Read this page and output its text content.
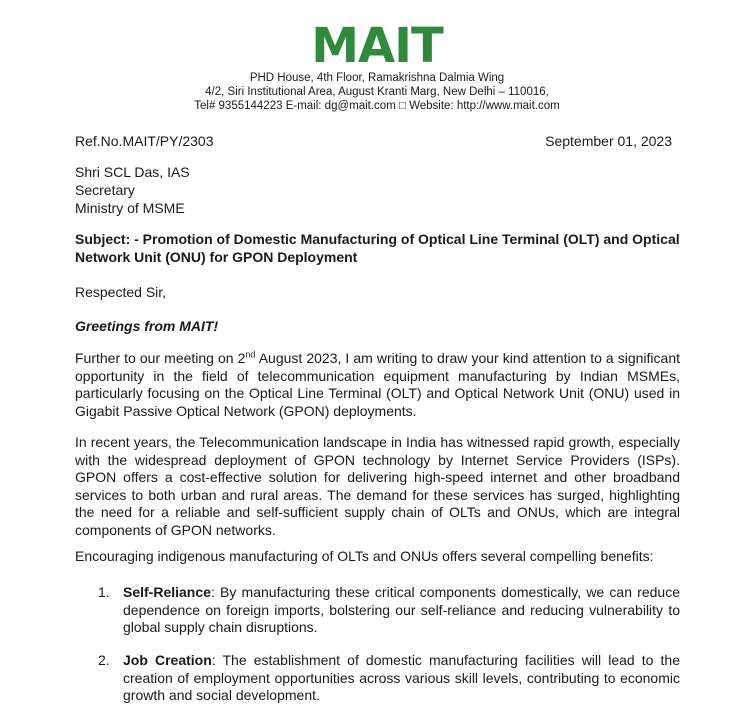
MAIT
PHD House, 4th Floor, Ramakrishna Dalmia Wing
4/2, Siri Institutional Area, August Kranti Marg, New Delhi – 110016,
Tel# 9355144223 E-mail: dg@mait.com □ Website: http://www.mait.com
Ref.No.MAIT/PY/2303	September 01, 2023
Shri SCL Das, IAS
Secretary
Ministry of MSME
Subject: - Promotion of Domestic Manufacturing of Optical Line Terminal (OLT) and Optical Network Unit (ONU) for GPON Deployment
Respected Sir,
Greetings from MAIT!
Further to our meeting on 2nd August 2023, I am writing to draw your kind attention to a significant opportunity in the field of telecommunication equipment manufacturing by Indian MSMEs, particularly focusing on the Optical Line Terminal (OLT) and Optical Network Unit (ONU) used in Gigabit Passive Optical Network (GPON) deployments.
In recent years, the Telecommunication landscape in India has witnessed rapid growth, especially with the widespread deployment of GPON technology by Internet Service Providers (ISPs). GPON offers a cost-effective solution for delivering high-speed internet and other broadband services to both urban and rural areas. The demand for these services has surged, highlighting the need for a reliable and self-sufficient supply chain of OLTs and ONUs, which are integral components of GPON networks.
Encouraging indigenous manufacturing of OLTs and ONUs offers several compelling benefits:
1. Self-Reliance: By manufacturing these critical components domestically, we can reduce dependence on foreign imports, bolstering our self-reliance and reducing vulnerability to global supply chain disruptions.
2. Job Creation: The establishment of domestic manufacturing facilities will lead to the creation of employment opportunities across various skill levels, contributing to economic growth and social development.
